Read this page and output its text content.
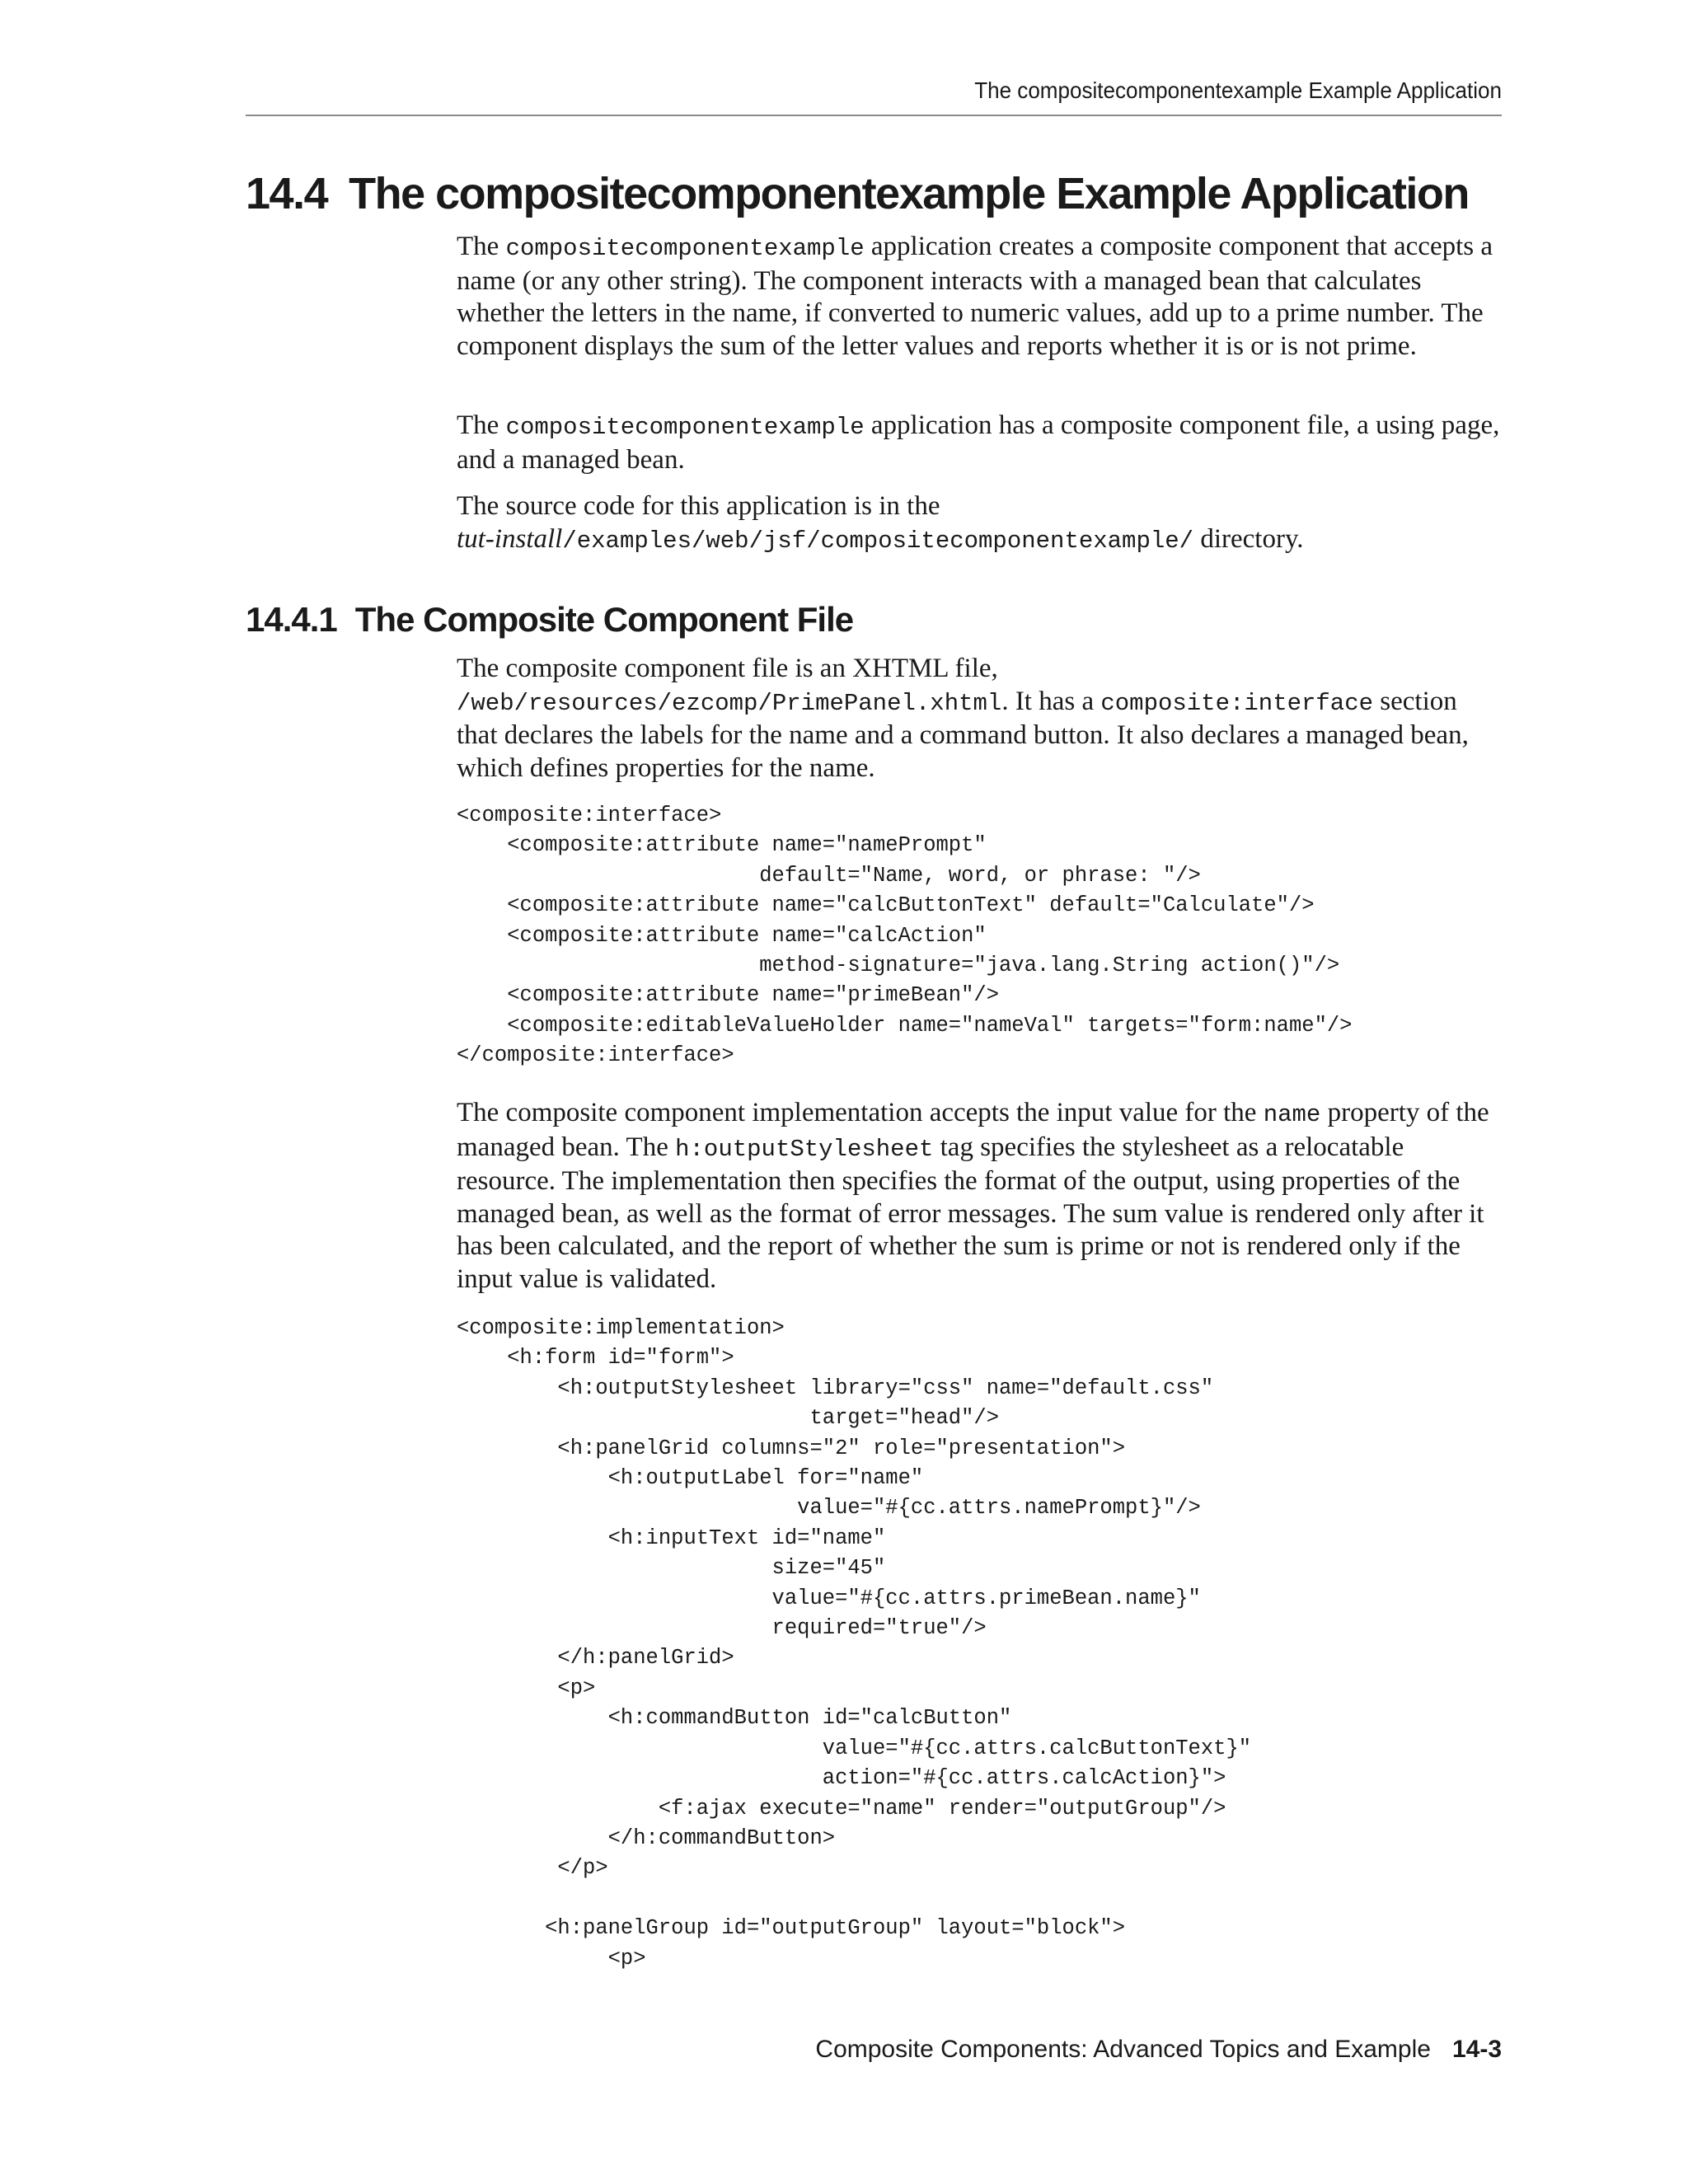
The compositecomponentexample Example Application
14.4 The compositecomponentexample Example Application

The compositecomponentexample application creates a composite component that accepts a name (or any other string). The component interacts with a managed bean that calculates whether the letters in the name, if converted to numeric values, add up to a prime number. The component displays the sum of the letter values and reports whether it is or is not prime.

The compositecomponentexample application has a composite component file, a using page, and a managed bean.

The source code for this application is in the
tut-install/examples/web/jsf/compositecomponentexample/ directory.

14.4.1 The Composite Component File

The composite component file is an XHTML file,
/web/resources/ezcomp/PrimePanel.xhtml. It has a composite:interface section that declares the labels for the name and a command button. It also declares a managed bean, which defines properties for the name.

<composite:interface>
<composite:attribute name="namePrompt"
default="Name, word, or phrase: "/>
<composite:attribute name="calcButtonText" default="Calculate"/>
<composite:attribute name="calcAction"
method-signature="java.lang.String action()"/>
<composite:attribute name="primeBean"/>
<composite:editableValueHolder name="nameVal" targets="form:name"/>
</composite:interface>

The composite component implementation accepts the input value for the name property of the managed bean. The h:outputStylesheet tag specifies the stylesheet as a relocatable resource. The implementation then specifies the format of the output, using properties of the managed bean, as well as the format of error messages. The sum value is rendered only after it has been calculated, and the report of whether the sum is prime or not is rendered only if the input value is validated.

<composite:implementation>
<h:form id="form">
<h:outputStylesheet library="css" name="default.css"
target="head"/>
<h:panelGrid columns="2" role="presentation">
<h:outputLabel for="name"
value="#{cc.attrs.namePrompt}"/>
<h:inputText id="name"
size="45"
value="#{cc.attrs.primeBean.name}"
required="true"/>
</h:panelGrid>
<p>
<h:commandButton id="calcButton"
value="#{cc.attrs.calcButtonText}"
action="#{cc.attrs.calcAction}">
<f:ajax execute="name" render="outputGroup"/>
</h:commandButton>
</p>

<h:panelGroup id="outputGroup" layout="block">
<p>
Composite Components: Advanced Topics and Example 14-3
